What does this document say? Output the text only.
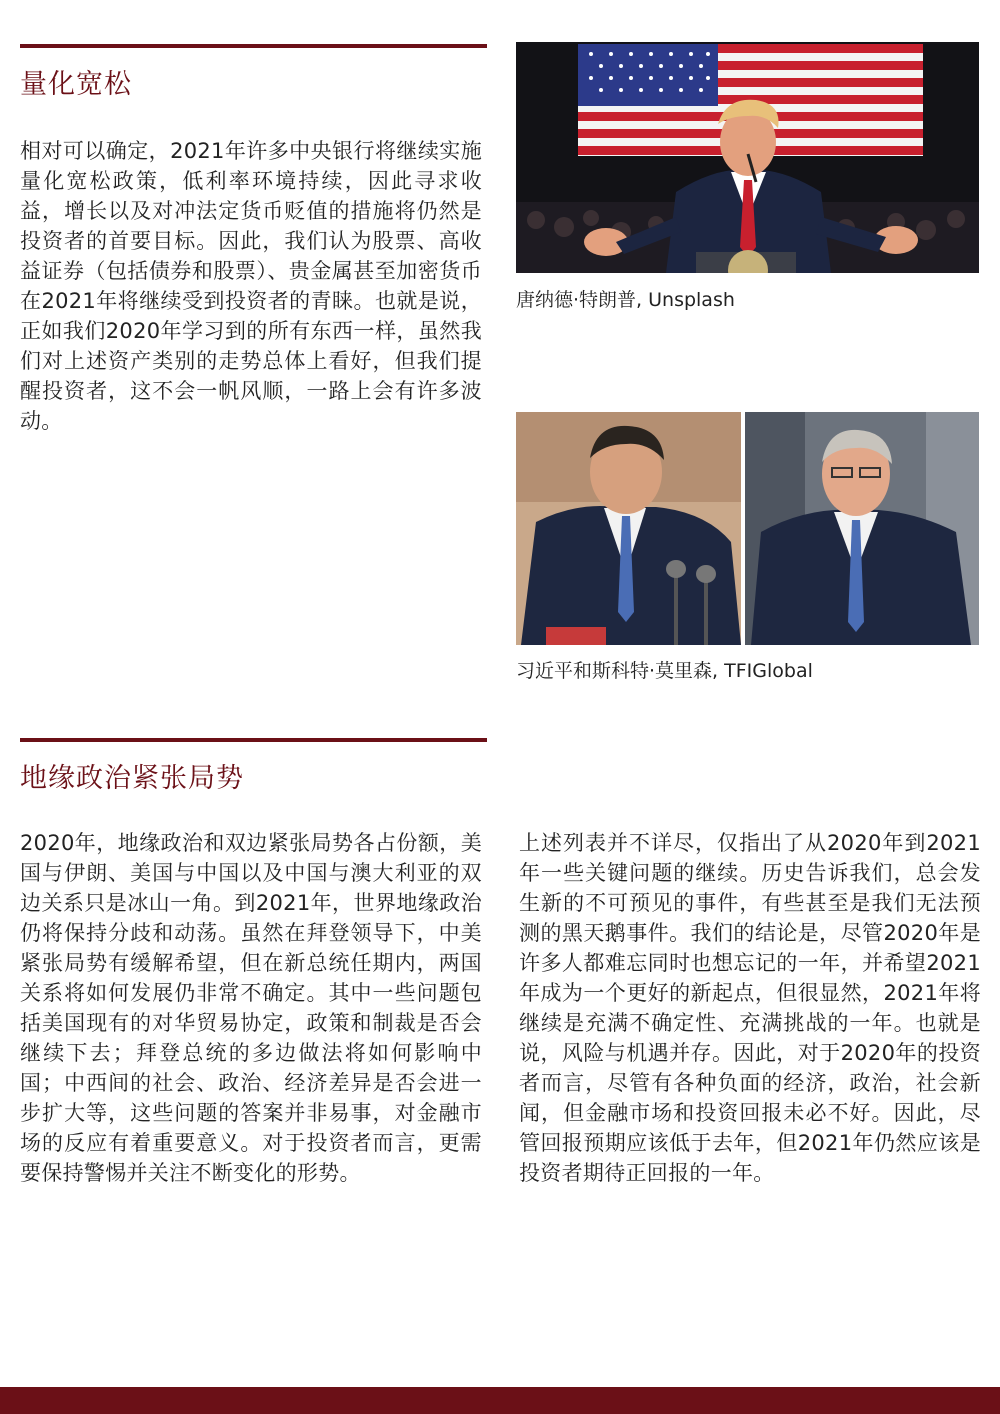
量化宽松

相对可以确定，2021年许多中央银行将继续实施量化宽松政策，低利率环境持续，因此寻求收益，增长以及对冲法定货币贬值的措施将仍然是投资者的首要目标。因此，我们认为股票、高收益证券（包括债券和股票）、贵金属甚至加密货币在2021年将继续受到投资者的青睐。也就是说，正如我们2020年学习到的所有东西一样，虽然我们对上述资产类别的走势总体上看好，但我们提醒投资者，这不会一帆风顺，一路上会有许多波动。

唐纳德·特朗普, Unsplash

习近平和斯科特·莫里森, TFIGlobal

地缘政治紧张局势

2020年，地缘政治和双边紧张局势各占份额，美国与伊朗、美国与中国以及中国与澳大利亚的双边关系只是冰山一角。到2021年，世界地缘政治仍将保持分歧和动荡。虽然在拜登领导下，中美紧张局势有缓解希望，但在新总统任期内，两国关系将如何发展仍非常不确定。其中一些问题包括美国现有的对华贸易协定，政策和制裁是否会继续下去；拜登总统的多边做法将如何影响中国；中西间的社会、政治、经济差异是否会进一步扩大等，这些问题的答案并非易事，对金融市场的反应有着重要意义。对于投资者而言，更需要保持警惕并关注不断变化的形势。

上述列表并不详尽，仅指出了从2020年到2021年一些关键问题的继续。历史告诉我们，总会发生新的不可预见的事件，有些甚至是我们无法预测的黑天鹅事件。我们的结论是，尽管2020年是许多人都难忘同时也想忘记的一年，并希望2021年成为一个更好的新起点，但很显然，2021年将继续是充满不确定性、充满挑战的一年。也就是说，风险与机遇并存。因此，对于2020年的投资者而言，尽管有各种负面的经济，政治，社会新闻，但金融市场和投资回报未必不好。因此，尽管回报预期应该低于去年，但2021年仍然应该是投资者期待正回报的一年。
